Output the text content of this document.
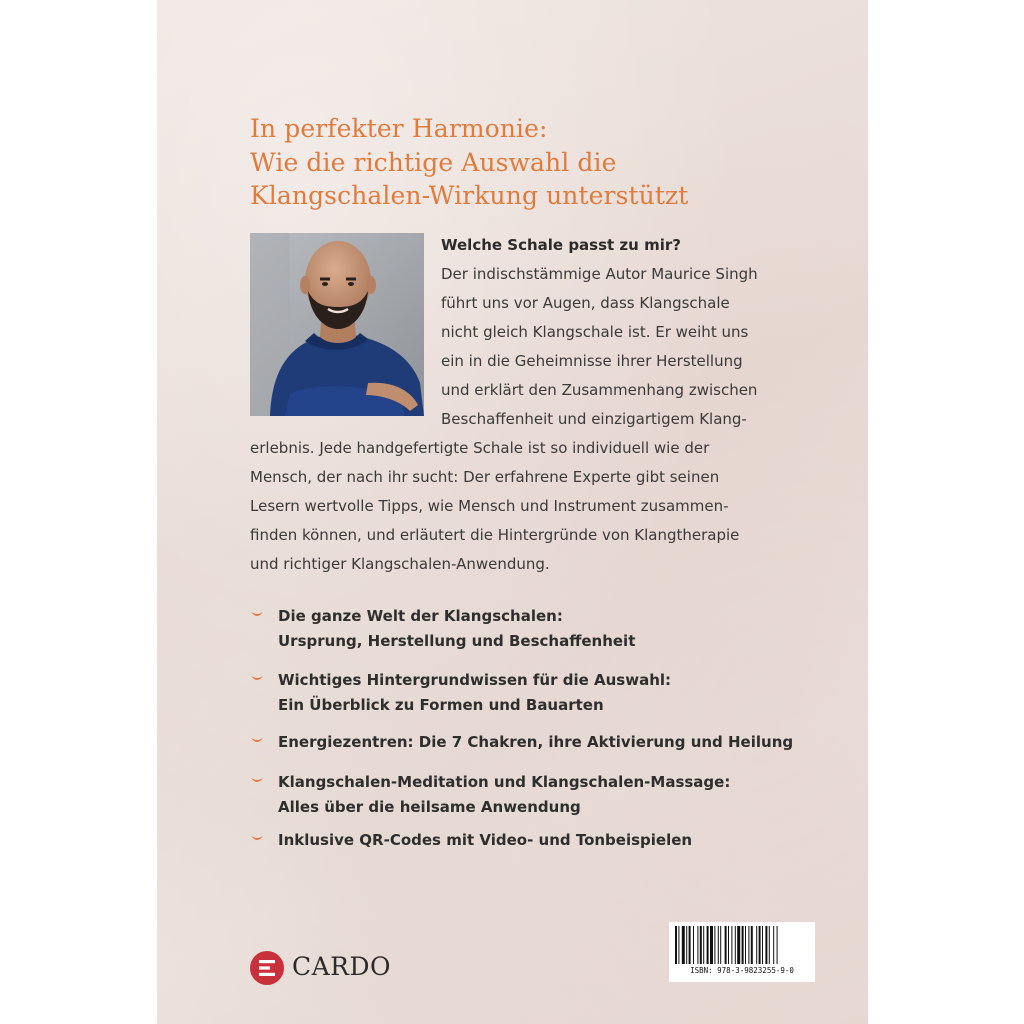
In perfekter Harmonie:
Wie die richtige Auswahl die
Klangschalen-Wirkung unterstützt

Welche Schale passt zu mir?

Der indischstämmige Autor Maurice Singh

führt uns vor Augen, dass Klangschale

nicht gleich Klangschale ist. Er weiht uns

ein in die Geheimnisse ihrer Herstellung

und erklärt den Zusammenhang zwischen

Beschaffenheit und einzigartigem Klang-

erlebnis. Jede handgefertigte Schale ist so individuell wie der

Mensch, der nach ihr sucht: Der erfahrene Experte gibt seinen

Lesern wertvolle Tipps, wie Mensch und Instrument zusammen-

finden können, und erläutert die Hintergründe von Klangtherapie

und richtiger Klangschalen-Anwendung.

Die ganze Welt der Klangschalen:

Ursprung, Herstellung und Beschaffenheit

Wichtiges Hintergrundwissen für die Auswahl:

Ein Überblick zu Formen und Bauarten

Energiezentren: Die 7 Chakren, ihre Aktivierung und Heilung

Klangschalen-Meditation und Klangschalen-Massage:

Alles über die heilsame Anwendung

Inklusive QR-Codes mit Video- und Tonbeispielen

CARDO	ISBN: 978-3-9823255-9-0
